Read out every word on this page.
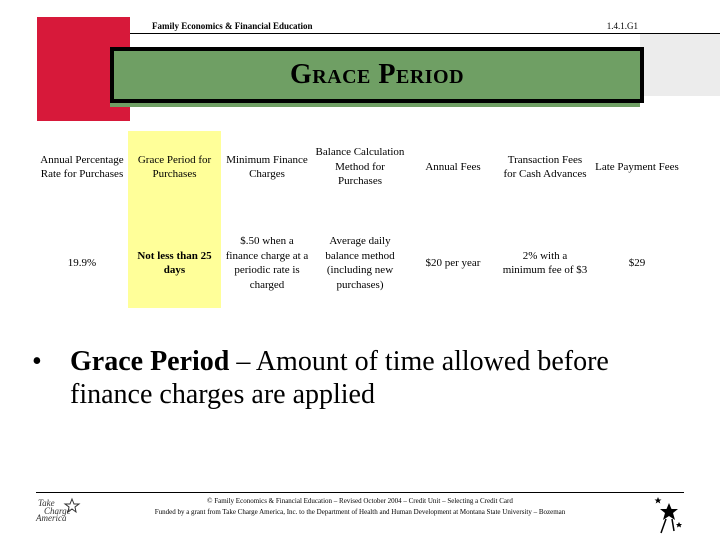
Family Economics & Financial Education	1.4.1.G1
Grace Period
Annual Percentage Rate for Purchases
Grace Period for Purchases
Minimum Finance Charges
Balance Calculation Method for Purchases
Annual Fees
Transaction Fees for Cash Advances
Late Payment Fees
19.9%
Not less than 25 days
$.50 when a finance charge at a periodic rate is charged
Average daily balance method (including new purchases)
$20 per year
2% with a minimum fee of $3
$29
• Grace Period – Amount of time allowed before finance charges are applied
Take
Charge
America
© Family Economics & Financial Education – Revised October 2004 – Credit Unit – Selecting a Credit Card
Funded by a grant from Take Charge America, Inc. to the Department of Health and Human Development at Montana State University – Bozeman
